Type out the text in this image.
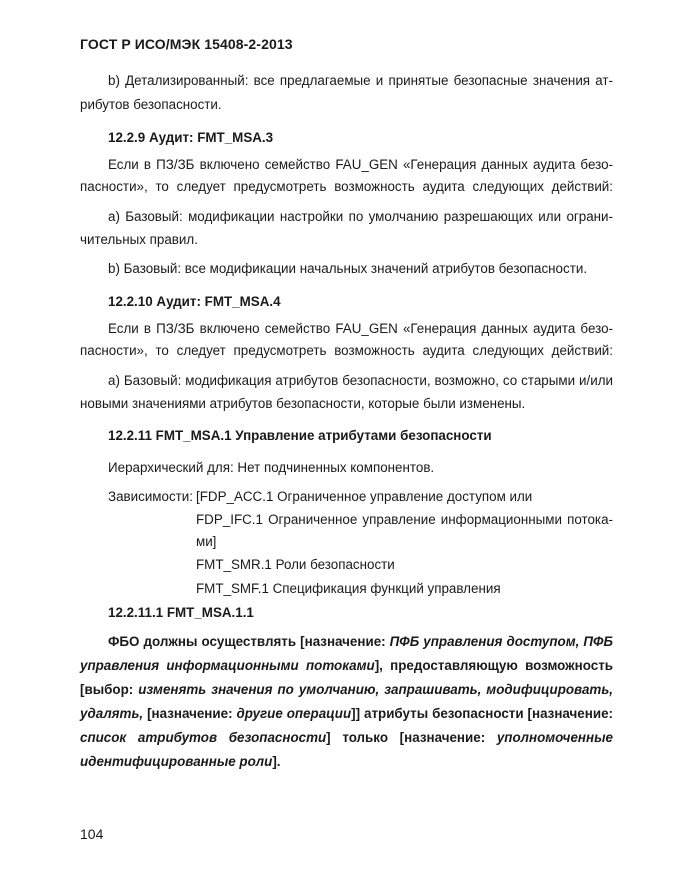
ГОСТ Р ИСО/МЭК 15408-2-2013
b) Детализированный: все предлагаемые и принятые безопасные значения ат-
рибутов безопасности.
12.2.9 Аудит: FMT_MSA.3
Если в ПЗ/ЗБ включено семейство FAU_GEN «Генерация данных аудита безо-
пасности», то следует предусмотреть возможность аудита следующих действий:
а) Базовый: модификации настройки по умолчанию разрешающих или ограни-
чительных правил.
b) Базовый: все модификации начальных значений атрибутов безопасности.
12.2.10 Аудит: FMT_MSA.4
Если в ПЗ/ЗБ включено семейство FAU_GEN «Генерация данных аудита безо-
пасности», то следует предусмотреть возможность аудита следующих действий:
а) Базовый: модификация атрибутов безопасности, возможно, со старыми и/или
новыми значениями атрибутов безопасности, которые были изменены.
12.2.11 FMT_MSA.1 Управление атрибутами безопасности
Иерархический для: Нет подчиненных компонентов.
Зависимости: [FDP_ACC.1 Ограниченное управление доступом или
FDP_IFC.1 Ограниченное управление информационными потока-
ми]
FMT_SMR.1 Роли безопасности
FMT_SMF.1 Спецификация функций управления
12.2.11.1 FMT_MSA.1.1
ФБО должны осуществлять [назначение: ПФБ управления доступом, ПФБ
управления информационными потоками], предоставляющую возможность
[выбор: изменять значения по умолчанию, запрашивать, модифицировать,
удалять, [назначение: другие операции]] атрибуты безопасности [назначение:
список атрибутов безопасности] только [назначение: уполномоченные
идентифицированные роли].
104
